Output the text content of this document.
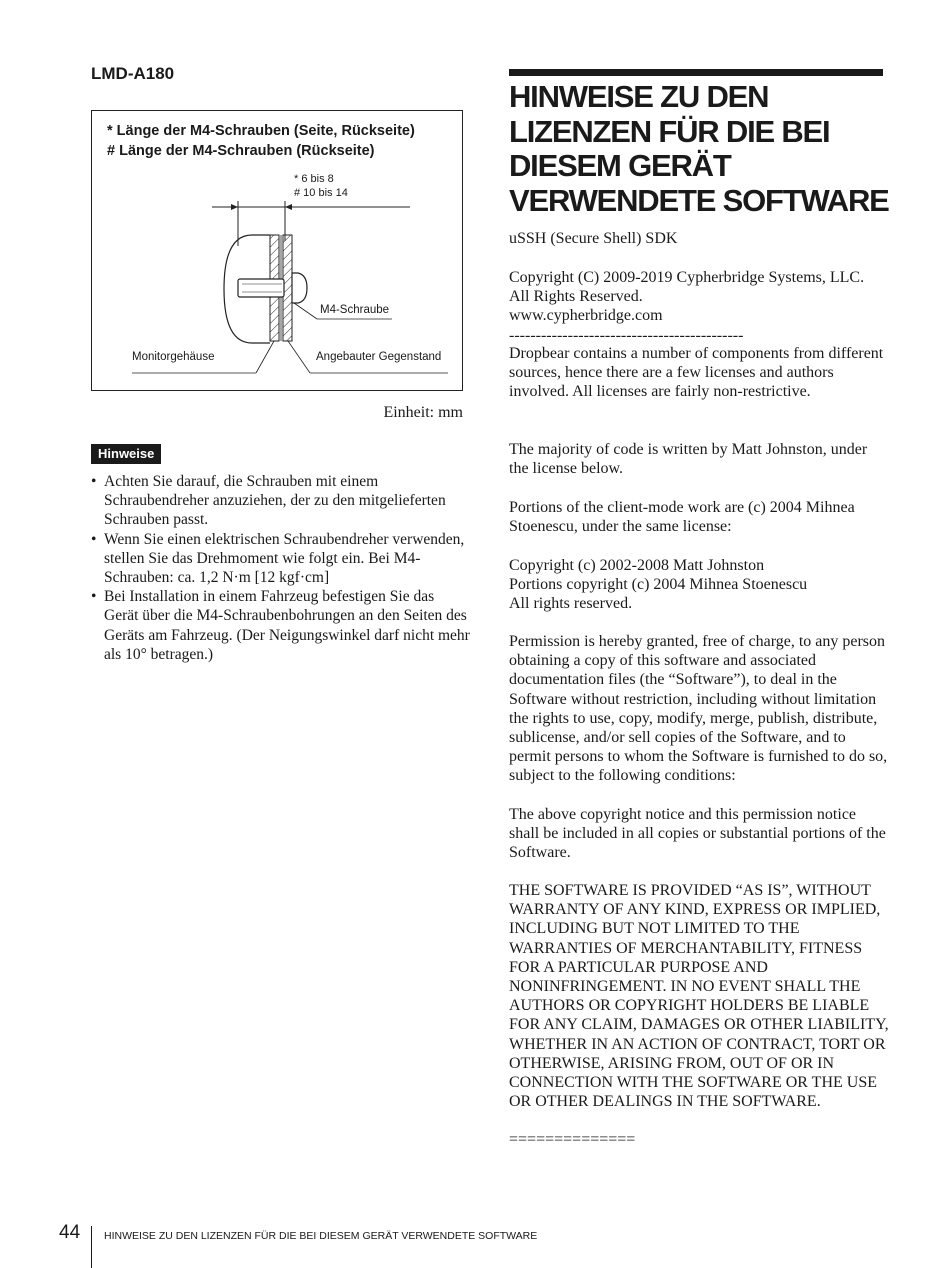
LMD-A180
* Länge der M4-Schrauben (Seite, Rückseite)
# Länge der M4-Schrauben (Rückseite)
* 6 bis 8
# 10 bis 14
M4-Schraube
Monitorgehäuse	Angebauter Gegenstand
Einheit: mm
Hinweise
• Achten Sie darauf, die Schrauben mit einem Schraubendreher anzuziehen, der zu den mitgelieferten Schrauben passt.
• Wenn Sie einen elektrischen Schraubendreher verwenden, stellen Sie das Drehmoment wie folgt ein. Bei M4-Schrauben: ca. 1,2 N·m [12 kgf·cm]
• Bei Installation in einem Fahrzeug befestigen Sie das Gerät über die M4-Schraubenbohrungen an den Seiten des Geräts am Fahrzeug. (Der Neigungswinkel darf nicht mehr als 10° betragen.)
HINWEISE ZU DEN LIZENZEN FÜR DIE BEI DIESEM GERÄT VERWENDETE SOFTWARE

uSSH (Secure Shell) SDK

Copyright (C) 2009-2019 Cypherbridge Systems, LLC.
All Rights Reserved.
www.cypherbridge.com
--------------------------------------------

Dropbear contains a number of components from different sources, hence there are a few licenses and authors involved. All licenses are fairly non-restrictive.

The majority of code is written by Matt Johnston, under the license below.

Portions of the client-mode work are (c) 2004 Mihnea Stoenescu, under the same license:

Copyright (c) 2002-2008 Matt Johnston
Portions copyright (c) 2004 Mihnea Stoenescu
All rights reserved.

Permission is hereby granted, free of charge, to any person obtaining a copy of this software and associated documentation files (the “Software”), to deal in the Software without restriction, including without limitation the rights to use, copy, modify, merge, publish, distribute, sublicense, and/or sell copies of the Software, and to permit persons to whom the Software is furnished to do so, subject to the following conditions:

The above copyright notice and this permission notice shall be included in all copies or substantial portions of the Software.

THE SOFTWARE IS PROVIDED “AS IS”, WITHOUT WARRANTY OF ANY KIND, EXPRESS OR IMPLIED, INCLUDING BUT NOT LIMITED TO THE WARRANTIES OF MERCHANTABILITY, FITNESS FOR A PARTICULAR PURPOSE AND NONINFRINGEMENT. IN NO EVENT SHALL THE AUTHORS OR COPYRIGHT HOLDERS BE LIABLE FOR ANY CLAIM, DAMAGES OR OTHER LIABILITY, WHETHER IN AN ACTION OF CONTRACT, TORT OR OTHERWISE, ARISING FROM, OUT OF OR IN CONNECTION WITH THE SOFTWARE OR THE USE OR OTHER DEALINGS IN THE SOFTWARE.

==============

44 HINWEISE ZU DEN LIZENZEN FÜR DIE BEI DIESEM GERÄT VERWENDETE SOFTWARE
